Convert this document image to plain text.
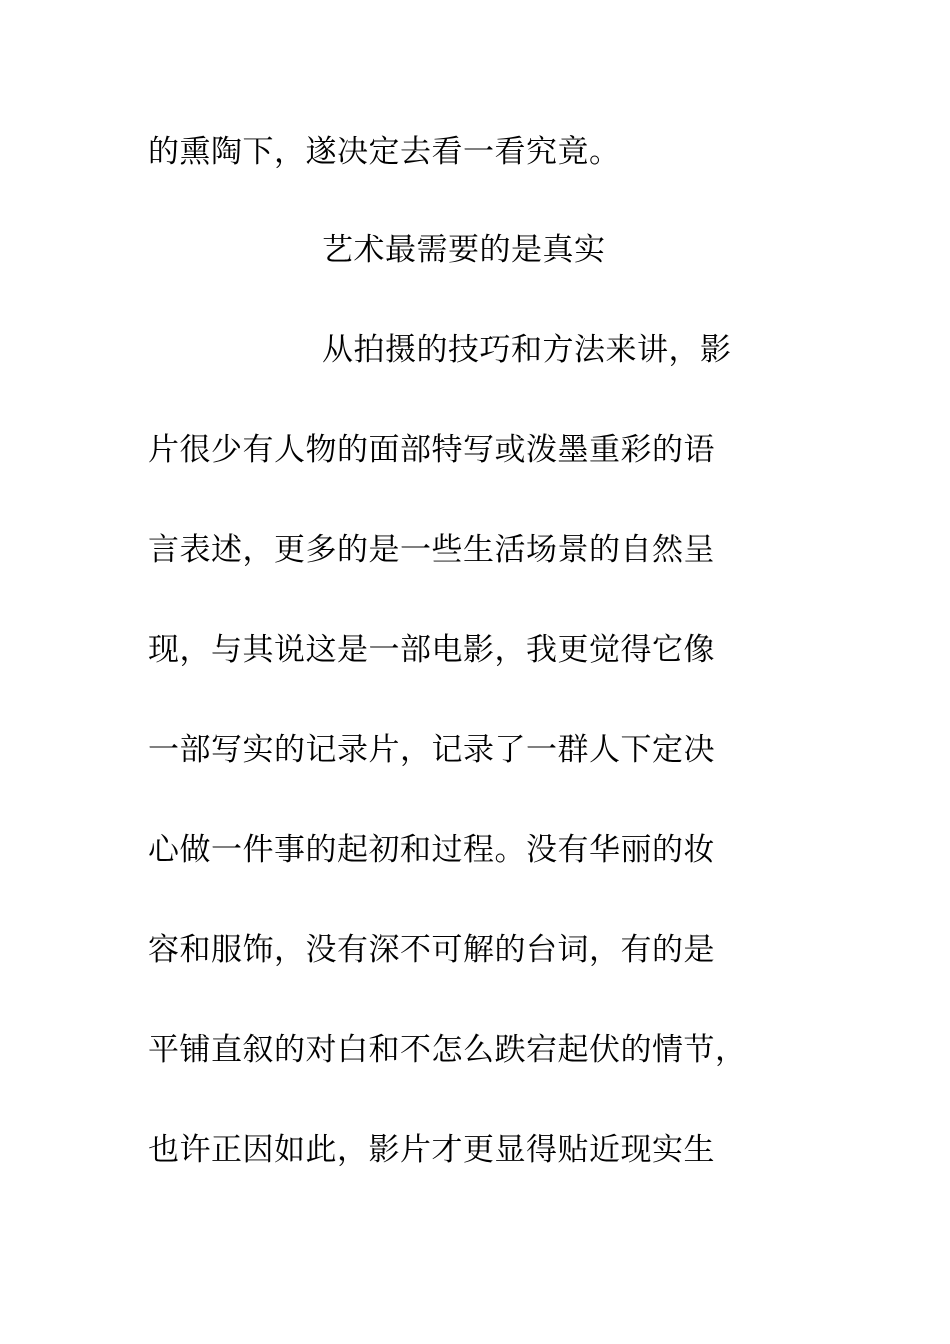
的熏陶下，遂决定去看一看究竟。
艺术最需要的是真实
从拍摄的技巧和方法来讲，影
片很少有人物的面部特写或泼墨重彩的语
言表述，更多的是一些生活场景的自然呈
现，与其说这是一部电影，我更觉得它像
一部写实的记录片，记录了一群人下定决
心做一件事的起初和过程。没有华丽的妆
容和服饰，没有深不可解的台词，有的是
平铺直叙的对白和不怎么跌宕起伏的情节，
也许正因如此，影片才更显得贴近现实生
